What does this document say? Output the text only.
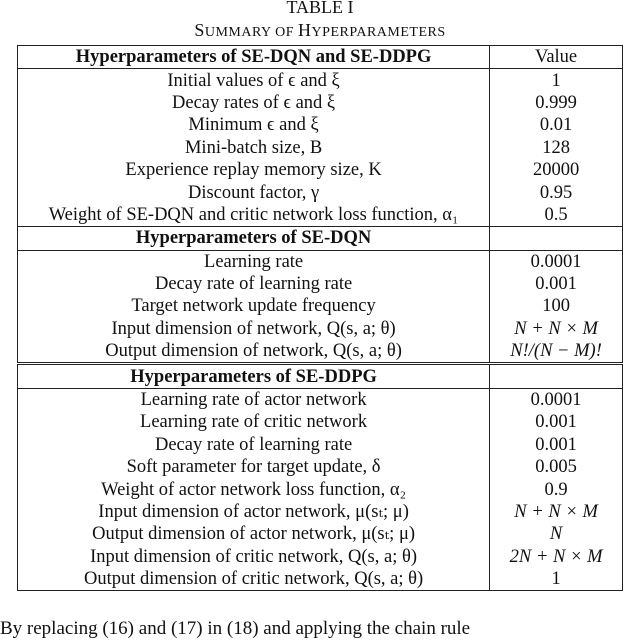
TABLE I
SUMMARY OF HYPERPARAMETERS
Hyperparameters of SE-DQN and SE-DDPG	Value
Initial values of ϵ and ξ	1
Decay rates of ϵ and ξ	0.999
Minimum ϵ and ξ	0.01
Mini-batch size, B	128
Experience replay memory size, K	20000
Discount factor, γ	0.95
Weight of SE-DQN and critic network loss function, α₁	0.5
Hyperparameters of SE-DQN	
Learning rate	0.0001
Decay rate of learning rate	0.001
Target network update frequency	100
Input dimension of network, Q(s, a; θ)	N + N × M
Output dimension of network, Q(s, a; θ)	N!/(N − M)!
Hyperparameters of SE-DDPG	
Learning rate of actor network	0.0001
Learning rate of critic network	0.001
Decay rate of learning rate	0.001
Soft parameter for target update, δ	0.005
Weight of actor network loss function, α₂	0.9
Input dimension of actor network, μ(sₜ; μ)	N + N × M
Output dimension of actor network, μ(sₜ; μ)	N
Input dimension of critic network, Q(s, a; θ)	2N + N × M
Output dimension of critic network, Q(s, a; θ)	1
By replacing (16) and (17) in (18) and applying the chain rule
